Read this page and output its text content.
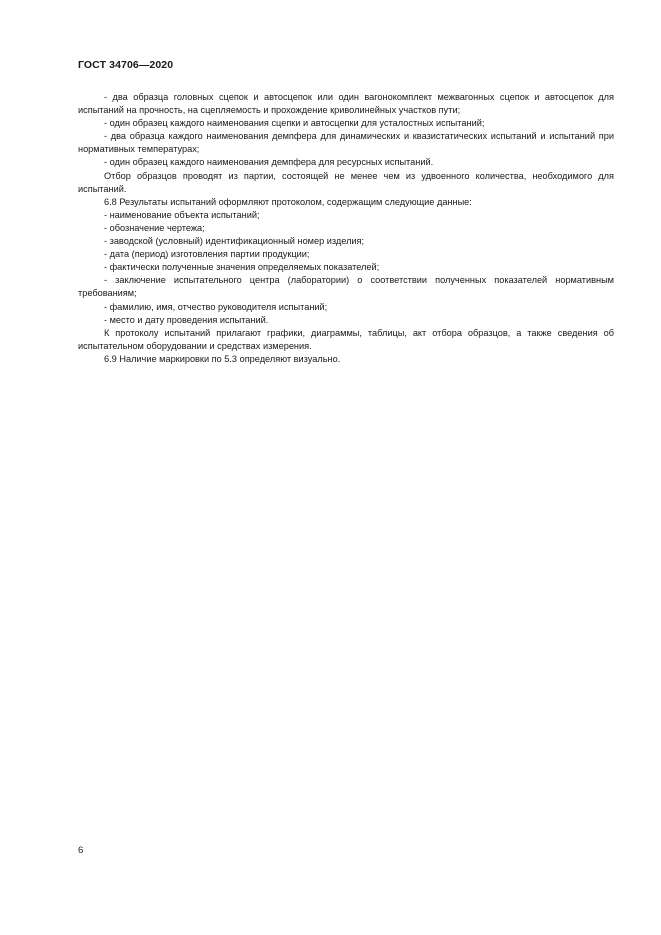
ГОСТ 34706—2020

- два образца головных сцепок и автосцепок или один вагонокомплект межвагонных сцепок и автосцепок для испытаний на прочность, на сцепляемость и прохождение криволинейных участков пути;

- один образец каждого наименования сцепки и автосцепки для усталостных испытаний;

- два образца каждого наименования демпфера для динамических и квазистатических испытаний и испытаний при нормативных температурах;

- один образец каждого наименования демпфера для ресурсных испытаний.

Отбор образцов проводят из партии, состоящей не менее чем из удвоенного количества, необходимого для испытаний.

6.8 Результаты испытаний оформляют протоколом, содержащим следующие данные:

- наименование объекта испытаний;

- обозначение чертежа;

- заводской (условный) идентификационный номер изделия;

- дата (период) изготовления партии продукции;

- фактически полученные значения определяемых показателей;

- заключение испытательного центра (лаборатории) о соответствии полученных показателей нормативным требованиям;

- фамилию, имя, отчество руководителя испытаний;

- место и дату проведения испытаний.

К протоколу испытаний прилагают графики, диаграммы, таблицы, акт отбора образцов, а также сведения об испытательном оборудовании и средствах измерения.

6.9 Наличие маркировки по 5.3 определяют визуально.

6
